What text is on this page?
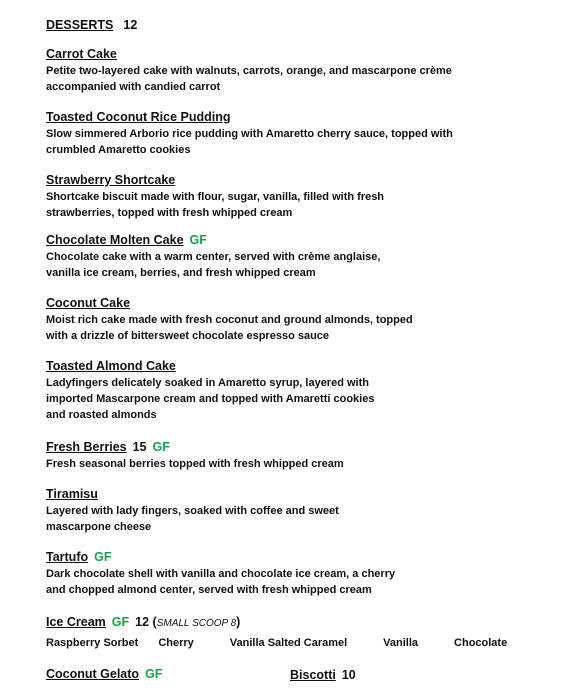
DESSERTS 12
Carrot Cake
Petite two-layered cake with walnuts, carrots, orange, and mascarpone crème
accompanied with candied carrot
Toasted Coconut Rice Pudding
Slow simmered Arborio rice pudding with Amaretto cherry sauce, topped with
crumbled Amaretto cookies
Strawberry Shortcake
Shortcake biscuit made with flour, sugar, vanilla, filled with fresh
strawberries, topped with fresh whipped cream
Chocolate Molten Cake GF
Chocolate cake with a warm center, served with crème anglaise,
vanilla ice cream, berries, and fresh whipped cream
Coconut Cake
Moist rich cake made with fresh coconut and ground almonds, topped
with a drizzle of bittersweet chocolate espresso sauce
Toasted Almond Cake
Ladyfingers delicately soaked in Amaretto syrup, layered with
imported Mascarpone cream and topped with Amaretti cookies
and roasted almonds
Fresh Berries 15 GF
Fresh seasonal berries topped with fresh whipped cream
Tiramisu
Layered with lady fingers, soaked with coffee and sweet
mascarpone cheese
Tartufo GF
Dark chocolate shell with vanilla and chocolate ice cream, a cherry
and chopped almond center, served with fresh whipped cream
Ice Cream GF 12 (SMALL SCOOP 8)
Raspberry Sorbet Cherry	Vanilla Salted Caramel	Vanilla	Chocolate
Coconut Gelato GF	Biscotti 10
